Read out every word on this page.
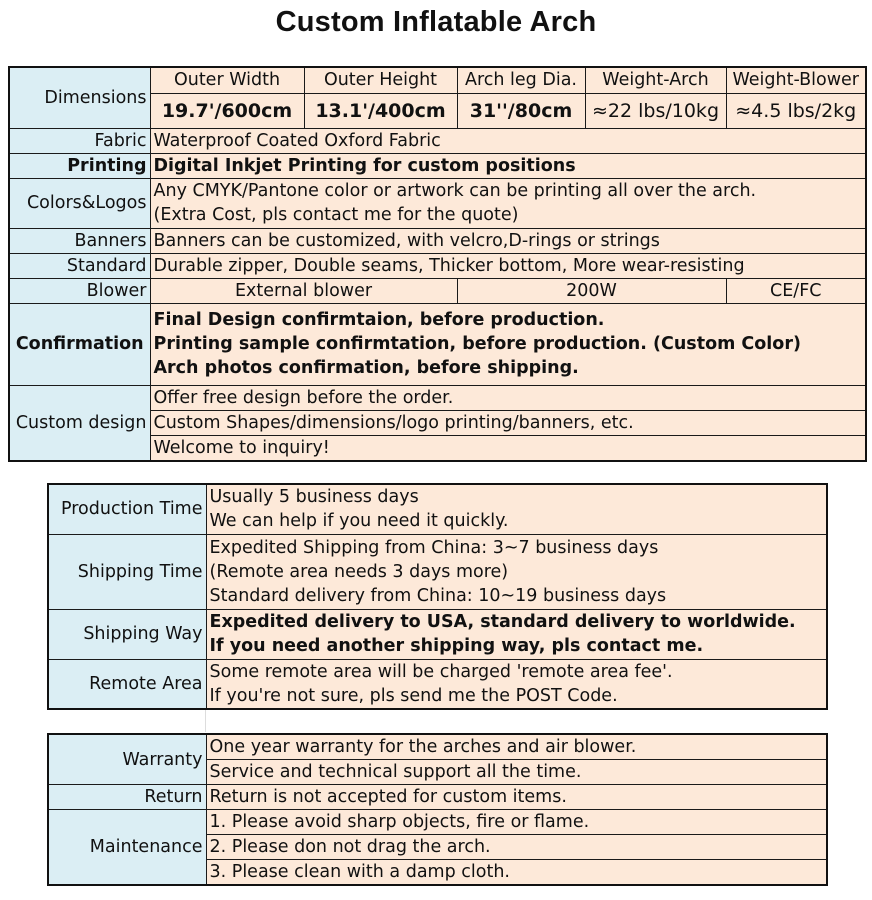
Custom Inflatable Arch
Dimensions	Outer Width	Outer Height	Arch leg Dia.	Weight-Arch	Weight-Blower
	19.7'/600cm	13.1'/400cm	31''/80cm	≈22 lbs/10kg	≈4.5 lbs/2kg
Fabric	Waterproof Coated Oxford Fabric				
Printing	Digital Inkjet Printing for custom positions				
Colors&Logos	Any CMYK/Pantone color or artwork can be printing all over the arch.
(Extra Cost, pls contact me for the quote)				

Banners	Banners can be customized, with velcro,D-rings or strings				
Standard	Durable zipper, Double seams, Thicker bottom, More wear-resisting				
Blower	External blower		200W		CE/FC
Confirmation	Final Design confirmtaion, before production.
Printing sample confirmtation, before production. (Custom Color)
Arch photos confirmation, before shipping.				

Custom design	Offer free design before the order.				
	Custom Shapes/dimensions/logo printing/banners, etc.				
	Welcome to inquiry!				
Production Time	Usually 5 business days
We can help if you need it quickly.

Shipping Time	Expedited Shipping from China: 3~7 business days
(Remote area needs 3 days more)
Standard delivery from China: 10~19 business days

Shipping Way	Expedited delivery to USA, standard delivery to worldwide.
If you need another shipping way, pls contact me.

Remote Area	Some remote area will be charged 'remote area fee'.
If you're not sure, pls send me the POST Code.
Warranty	One year warranty for the arches and air blower.
	Service and technical support all the time.
Return	Return is not accepted for custom items.
Maintenance	1. Please avoid sharp objects, fire or flame.
	2. Please don not drag the arch.
	3. Please clean with a damp cloth.
